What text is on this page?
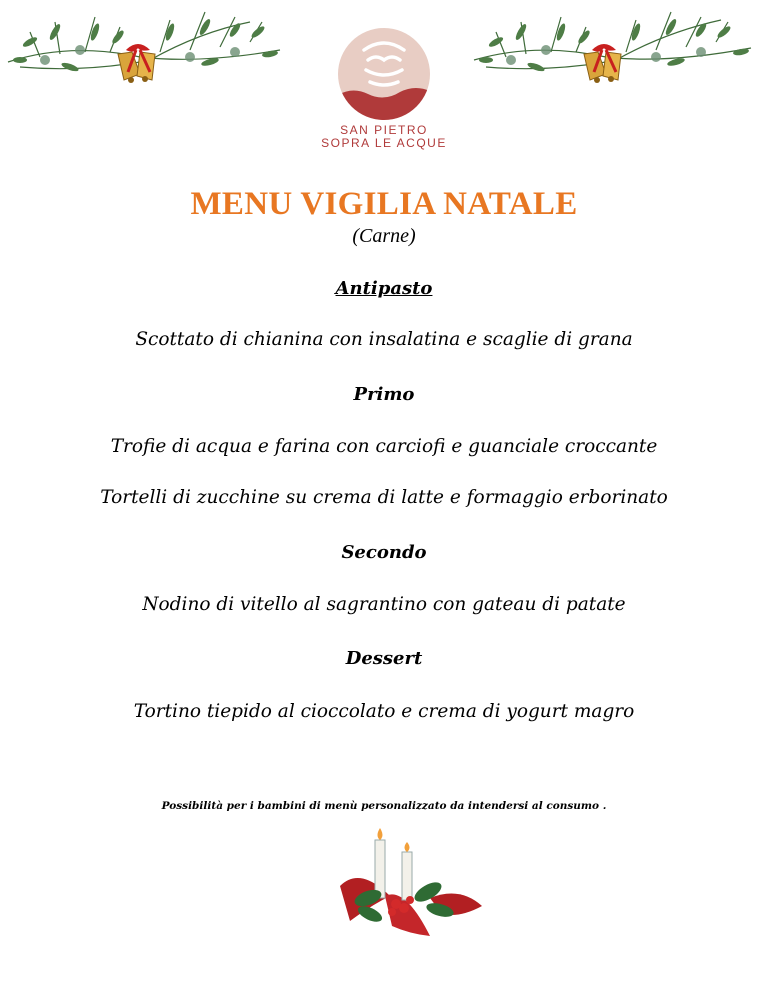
SAN PIETRO
SOPRA LE ACQUE
MENU VIGILIA NATALE
(Carne)
Antipasto
Scottato di chianina con insalatina e scaglie di grana
Primo
Trofie di acqua e farina con carciofi e guanciale croccante
Tortelli di zucchine su crema di latte e formaggio erborinato
Secondo
Nodino di vitello al sagrantino con gateau di patate
Dessert
Tortino tiepido al cioccolato e crema di yogurt magro
Possibilità per i bambini di menù personalizzato da intendersi al consumo .
